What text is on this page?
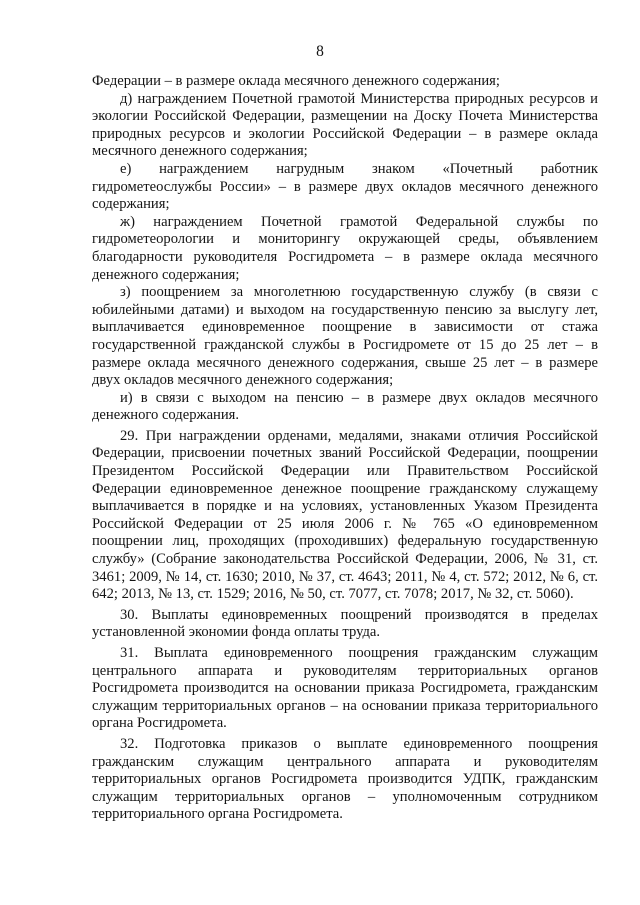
8

Федерации – в размере оклада месячного денежного содержания;

д) награждением Почетной грамотой Министерства природных ресурсов и экологии Российской Федерации, размещении на Доску Почета Министерства природных ресурсов и экологии Российской Федерации – в размере оклада месячного денежного содержания;

е) награждением нагрудным знаком «Почетный работник гидрометеослужбы России» – в размере двух окладов месячного денежного содержания;

ж) награждением Почетной грамотой Федеральной службы по гидрометеорологии и мониторингу окружающей среды, объявлением благодарности руководителя Росгидромета – в размере оклада месячного денежного содержания;

з) поощрением за многолетнюю государственную службу (в связи с юбилейными датами) и выходом на государственную пенсию за выслугу лет, выплачивается единовременное поощрение в зависимости от стажа государственной гражданской службы в Росгидромете от 15 до 25 лет – в размере оклада месячного денежного содержания, свыше 25 лет – в размере двух окладов месячного денежного содержания;

и) в связи с выходом на пенсию – в размере двух окладов месячного денежного содержания.

29. При награждении орденами, медалями, знаками отличия Российской Федерации, присвоении почетных званий Российской Федерации, поощрении Президентом Российской Федерации или Правительством Российской Федерации единовременное денежное поощрение гражданскому служащему выплачивается в порядке и на условиях, установленных Указом Президента Российской Федерации от 25 июля 2006 г. № 765 «О единовременном поощрении лиц, проходящих (проходивших) федеральную государственную службу» (Собрание законодательства Российской Федерации, 2006, № 31, ст. 3461; 2009, № 14, ст. 1630; 2010, № 37, ст. 4643; 2011, № 4, ст. 572; 2012, № 6, ст. 642; 2013, № 13, ст. 1529; 2016, № 50, ст. 7077, ст. 7078; 2017, № 32, ст. 5060).

30. Выплаты единовременных поощрений производятся в пределах установленной экономии фонда оплаты труда.

31. Выплата единовременного поощрения гражданским служащим центрального аппарата и руководителям территориальных органов Росгидромета производится на основании приказа Росгидромета, гражданским служащим территориальных органов – на основании приказа территориального органа Росгидромета.

32. Подготовка приказов о выплате единовременного поощрения гражданским служащим центрального аппарата и руководителям территориальных органов Росгидромета производится УДПК, гражданским служащим территориальных органов – уполномоченным сотрудником территориального органа Росгидромета.
